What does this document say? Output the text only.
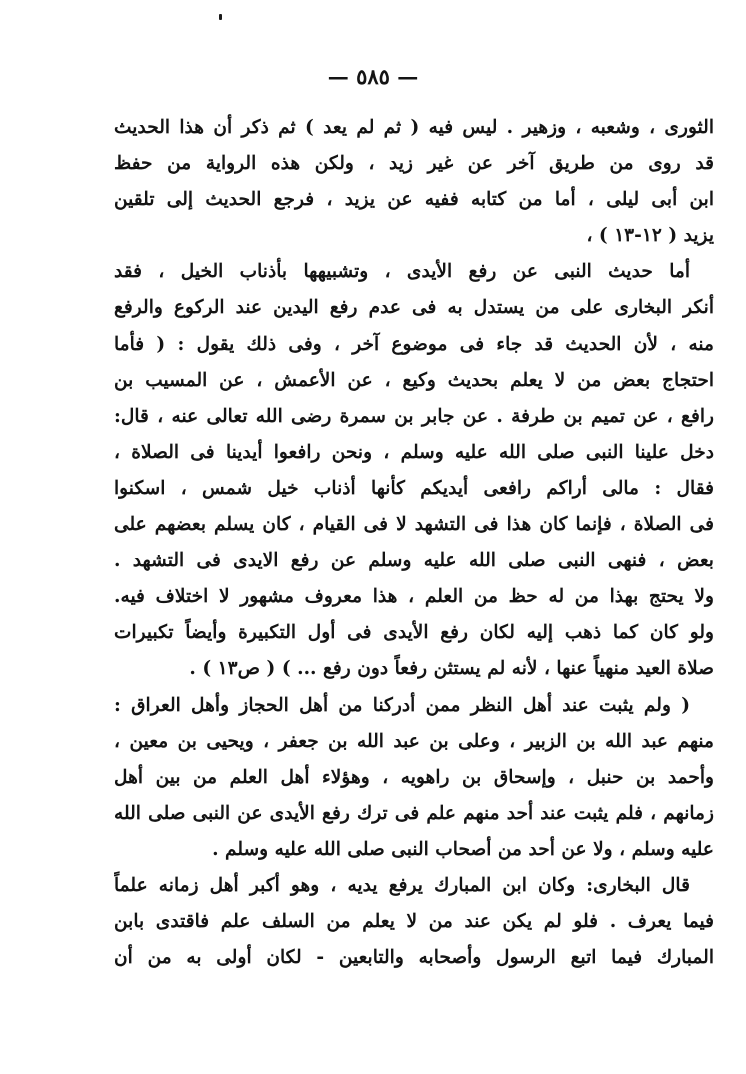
— ٥٨٥ —
الثورى ، وشعبه ، وزهير . ليس فيه ( ثم لم يعد ) ثم ذكر أن هذا الحديث
قد روى من طريق آخر عن غير زيد ، ولكن هذه الرواية من حفظ
ابن أبى ليلى ، أما من كتابه ففيه عن يزيد ، فرجع الحديث إلى تلقين
يزيد ( ١٢-١٣ ) ،
أما حديث النبى عن رفع الأيدى ، وتشبيهها بأذناب الخيل ، فقد
أنكر البخارى على من يستدل به فى عدم رفع اليدين عند الركوع والرفع
منه ، لأن الحديث قد جاء فى موضوع آخر ، وفى ذلك يقول : ( فأما
احتجاج بعض من لا يعلم بحديث وكيع ، عن الأعمش ، عن المسيب بن
رافع ، عن تميم بن طرفة . عن جابر بن سمرة رضى الله تعالى عنه ، قال:
دخل علينا النبى صلى الله عليه وسلم ، ونحن رافعوا أيدينا فى الصلاة ،
فقال : مالى أراكم رافعى أيديكم كأنها أذناب خيل شمس ، اسكنوا
فى الصلاة ، فإنما كان هذا فى التشهد لا فى القيام ، كان يسلم بعضهم على
بعض ، فنهى النبى صلى الله عليه وسلم عن رفع الايدى فى التشهد .
ولا يحتج بهذا من له حظ من العلم ، هذا معروف مشهور لا اختلاف فيه.
ولو كان كما ذهب إليه لكان رفع الأيدى فى أول التكبيرة وأيضاً تكبيرات
صلاة العيد منهياً عنها ، لأنه لم يستثن رفعاً دون رفع ... ) ( ص١٣ ) .
( ولم يثبت عند أهل النظر ممن أدركنا من أهل الحجاز وأهل العراق :
منهم عبد الله بن الزبير ، وعلى بن عبد الله بن جعفر ، ويحيى بن معين ،
وأحمد بن حنبل ، وإسحاق بن راهويه ، وهؤلاء أهل العلم من بين أهل
زمانهم ، فلم يثبت عند أحد منهم علم فى ترك رفع الأيدى عن النبى صلى الله
عليه وسلم ، ولا عن أحد من أصحاب النبى صلى الله عليه وسلم .
قال البخارى: وكان ابن المبارك يرفع يديه ، وهو أكبر أهل زمانه علماً
فيما يعرف . فلو لم يكن عند من لا يعلم من السلف علم فاقتدى بابن
المبارك فيما اتبع الرسول وأصحابه والتابعين - لكان أولى به من أن
